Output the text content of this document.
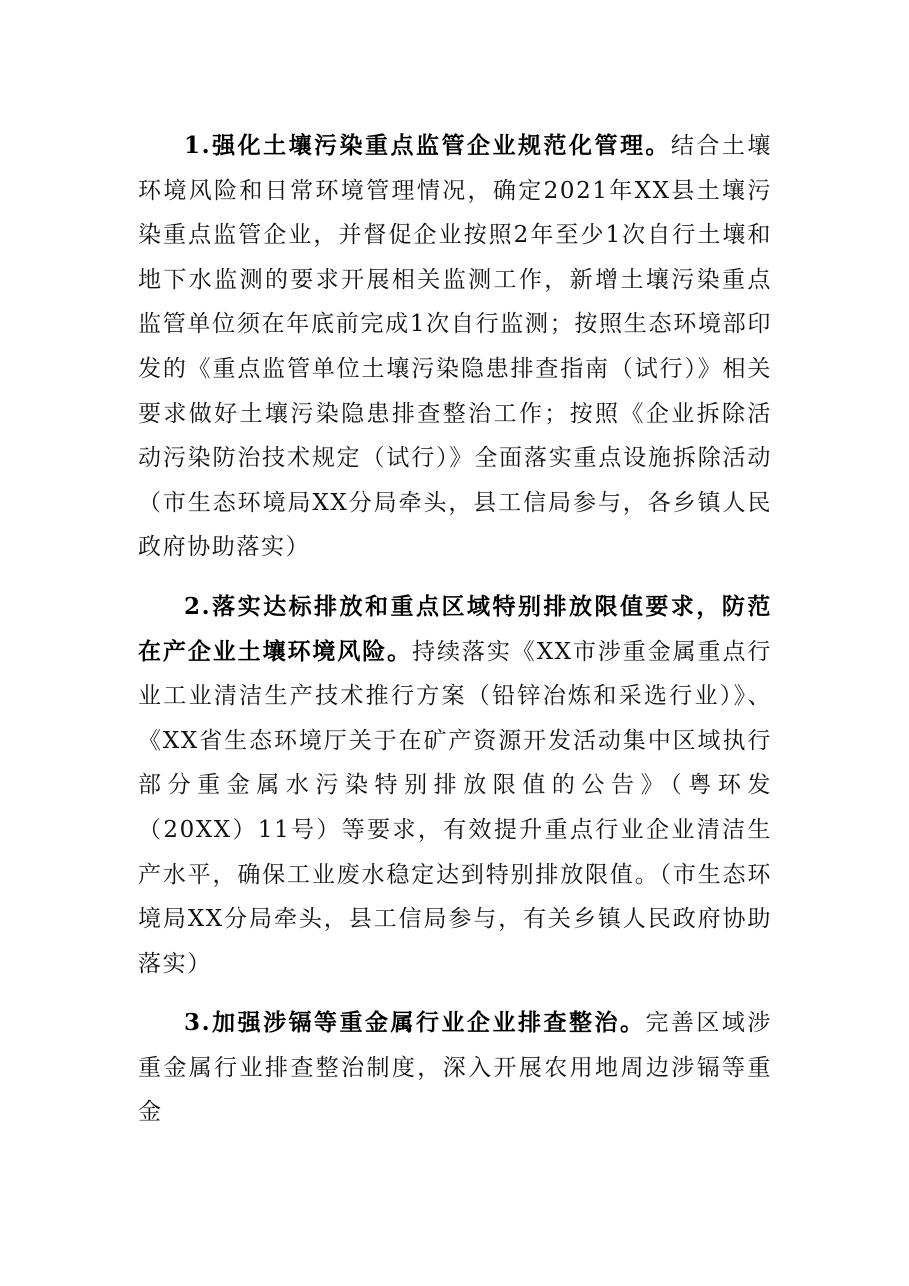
1.强化土壤污染重点监管企业规范化管理。结合土壤环境风险和日常环境管理情况，确定2021年XX县土壤污染重点监管企业，并督促企业按照2年至少1次自行土壤和地下水监测的要求开展相关监测工作，新增土壤污染重点监管单位须在年底前完成1次自行监测；按照生态环境部印发的《重点监管单位土壤污染隐患排查指南（试行）》相关要求做好土壤污染隐患排查整治工作；按照《企业拆除活动污染防治技术规定（试行）》全面落实重点设施拆除活动（市生态环境局XX分局牵头，县工信局参与，各乡镇人民政府协助落实）

2.落实达标排放和重点区域特别排放限值要求，防范在产企业土壤环境风险。持续落实《XX市涉重金属重点行业工业清洁生产技术推行方案（铅锌冶炼和采选行业）》、《XX省生态环境厅关于在矿产资源开发活动集中区域执行部分重金属水污染特别排放限值的公告》（粤环发（20XX）11号）等要求，有效提升重点行业企业清洁生产水平，确保工业废水稳定达到特别排放限值。（市生态环境局XX分局牵头，县工信局参与，有关乡镇人民政府协助落实）

3.加强涉镉等重金属行业企业排查整治。完善区域涉重金属行业排查整治制度，深入开展农用地周边涉镉等重金
